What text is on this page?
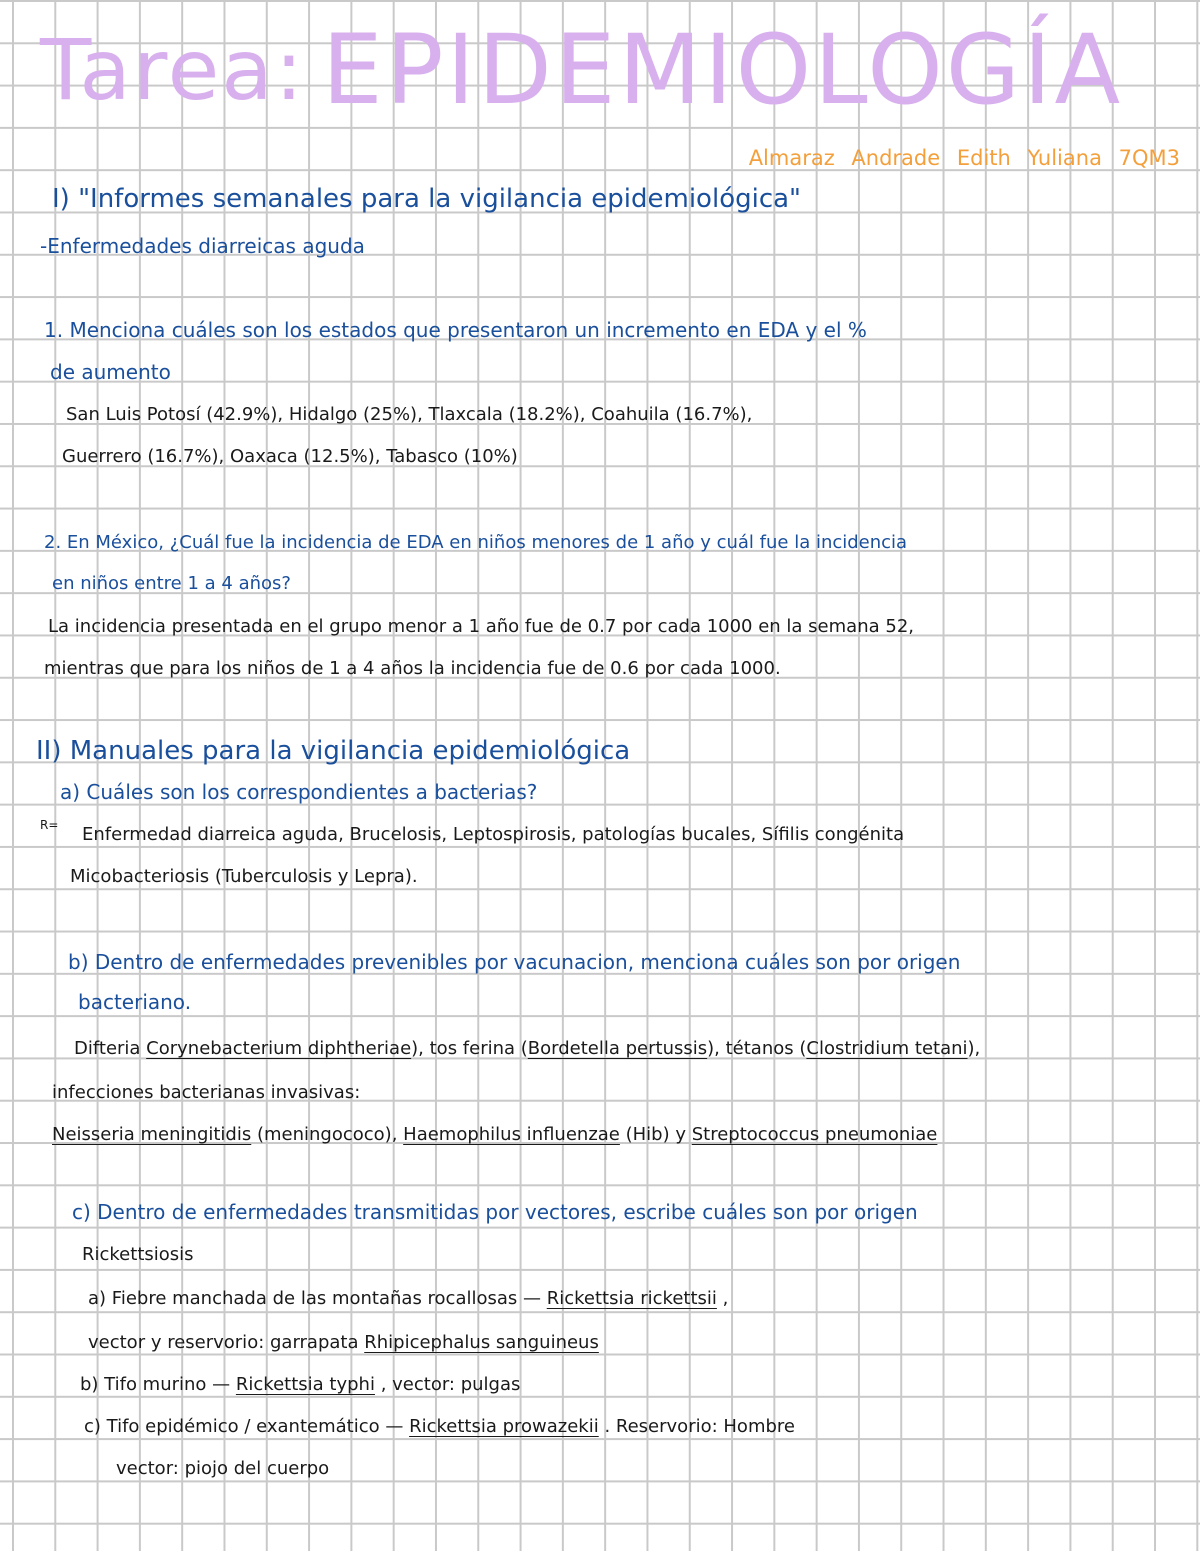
Tarea: EPIDEMIOLOGÍA
Almaraz Andrade Edith Yuliana 7QM3
I) "Informes semanales para la vigilancia epidemiológica"
-Enfermedades diarreicas aguda
1. Menciona cuáles son los estados que presentaron un incremento en EDA y el %
de aumento
San Luis Potosí (42.9%), Hidalgo (25%), Tlaxcala (18.2%), Coahuila (16.7%),
Guerrero (16.7%), Oaxaca (12.5%), Tabasco (10%)
2. En México, ¿Cuál fue la incidencia de EDA en niños menores de 1 año y cuál fue la incidencia
en niños entre 1 a 4 años?
La incidencia presentada en el grupo menor a 1 año fue de 0.7 por cada 1000 en la semana 52,
mientras que para los niños de 1 a 4 años la incidencia fue de 0.6 por cada 1000.
II) Manuales para la vigilancia epidemiológica
a) Cuáles son los correspondientes a bacterias?
R= Enfermedad diarreica aguda, Brucelosis, Leptospirosis, patologías bucales, Sífilis congénita
Micobacteriosis (Tuberculosis y Lepra).
b) Dentro de enfermedades prevenibles por vacunacion, menciona cuáles son por origen
bacteriano.
Difteria Corynebacterium diphtheriae), tos ferina (Bordetella pertussis), tétanos (Clostridium tetani),
infecciones bacterianas invasivas:
Neisseria meningitidis (meningococo), Haemophilus influenzae (Hib) y Streptococcus pneumoniae
c) Dentro de enfermedades transmitidas por vectores, escribe cuáles son por origen
Rickettsiosis
a) Fiebre manchada de las montañas rocallosas — Rickettsia rickettsii ,
vector y reservorio: garrapata Rhipicephalus sanguineus
b) Tifo murino — Rickettsia typhi , vector: pulgas
c) Tifo epidémico / exantemático — Rickettsia prowazekii . Reservorio: Hombre
vector: piojo del cuerpo
